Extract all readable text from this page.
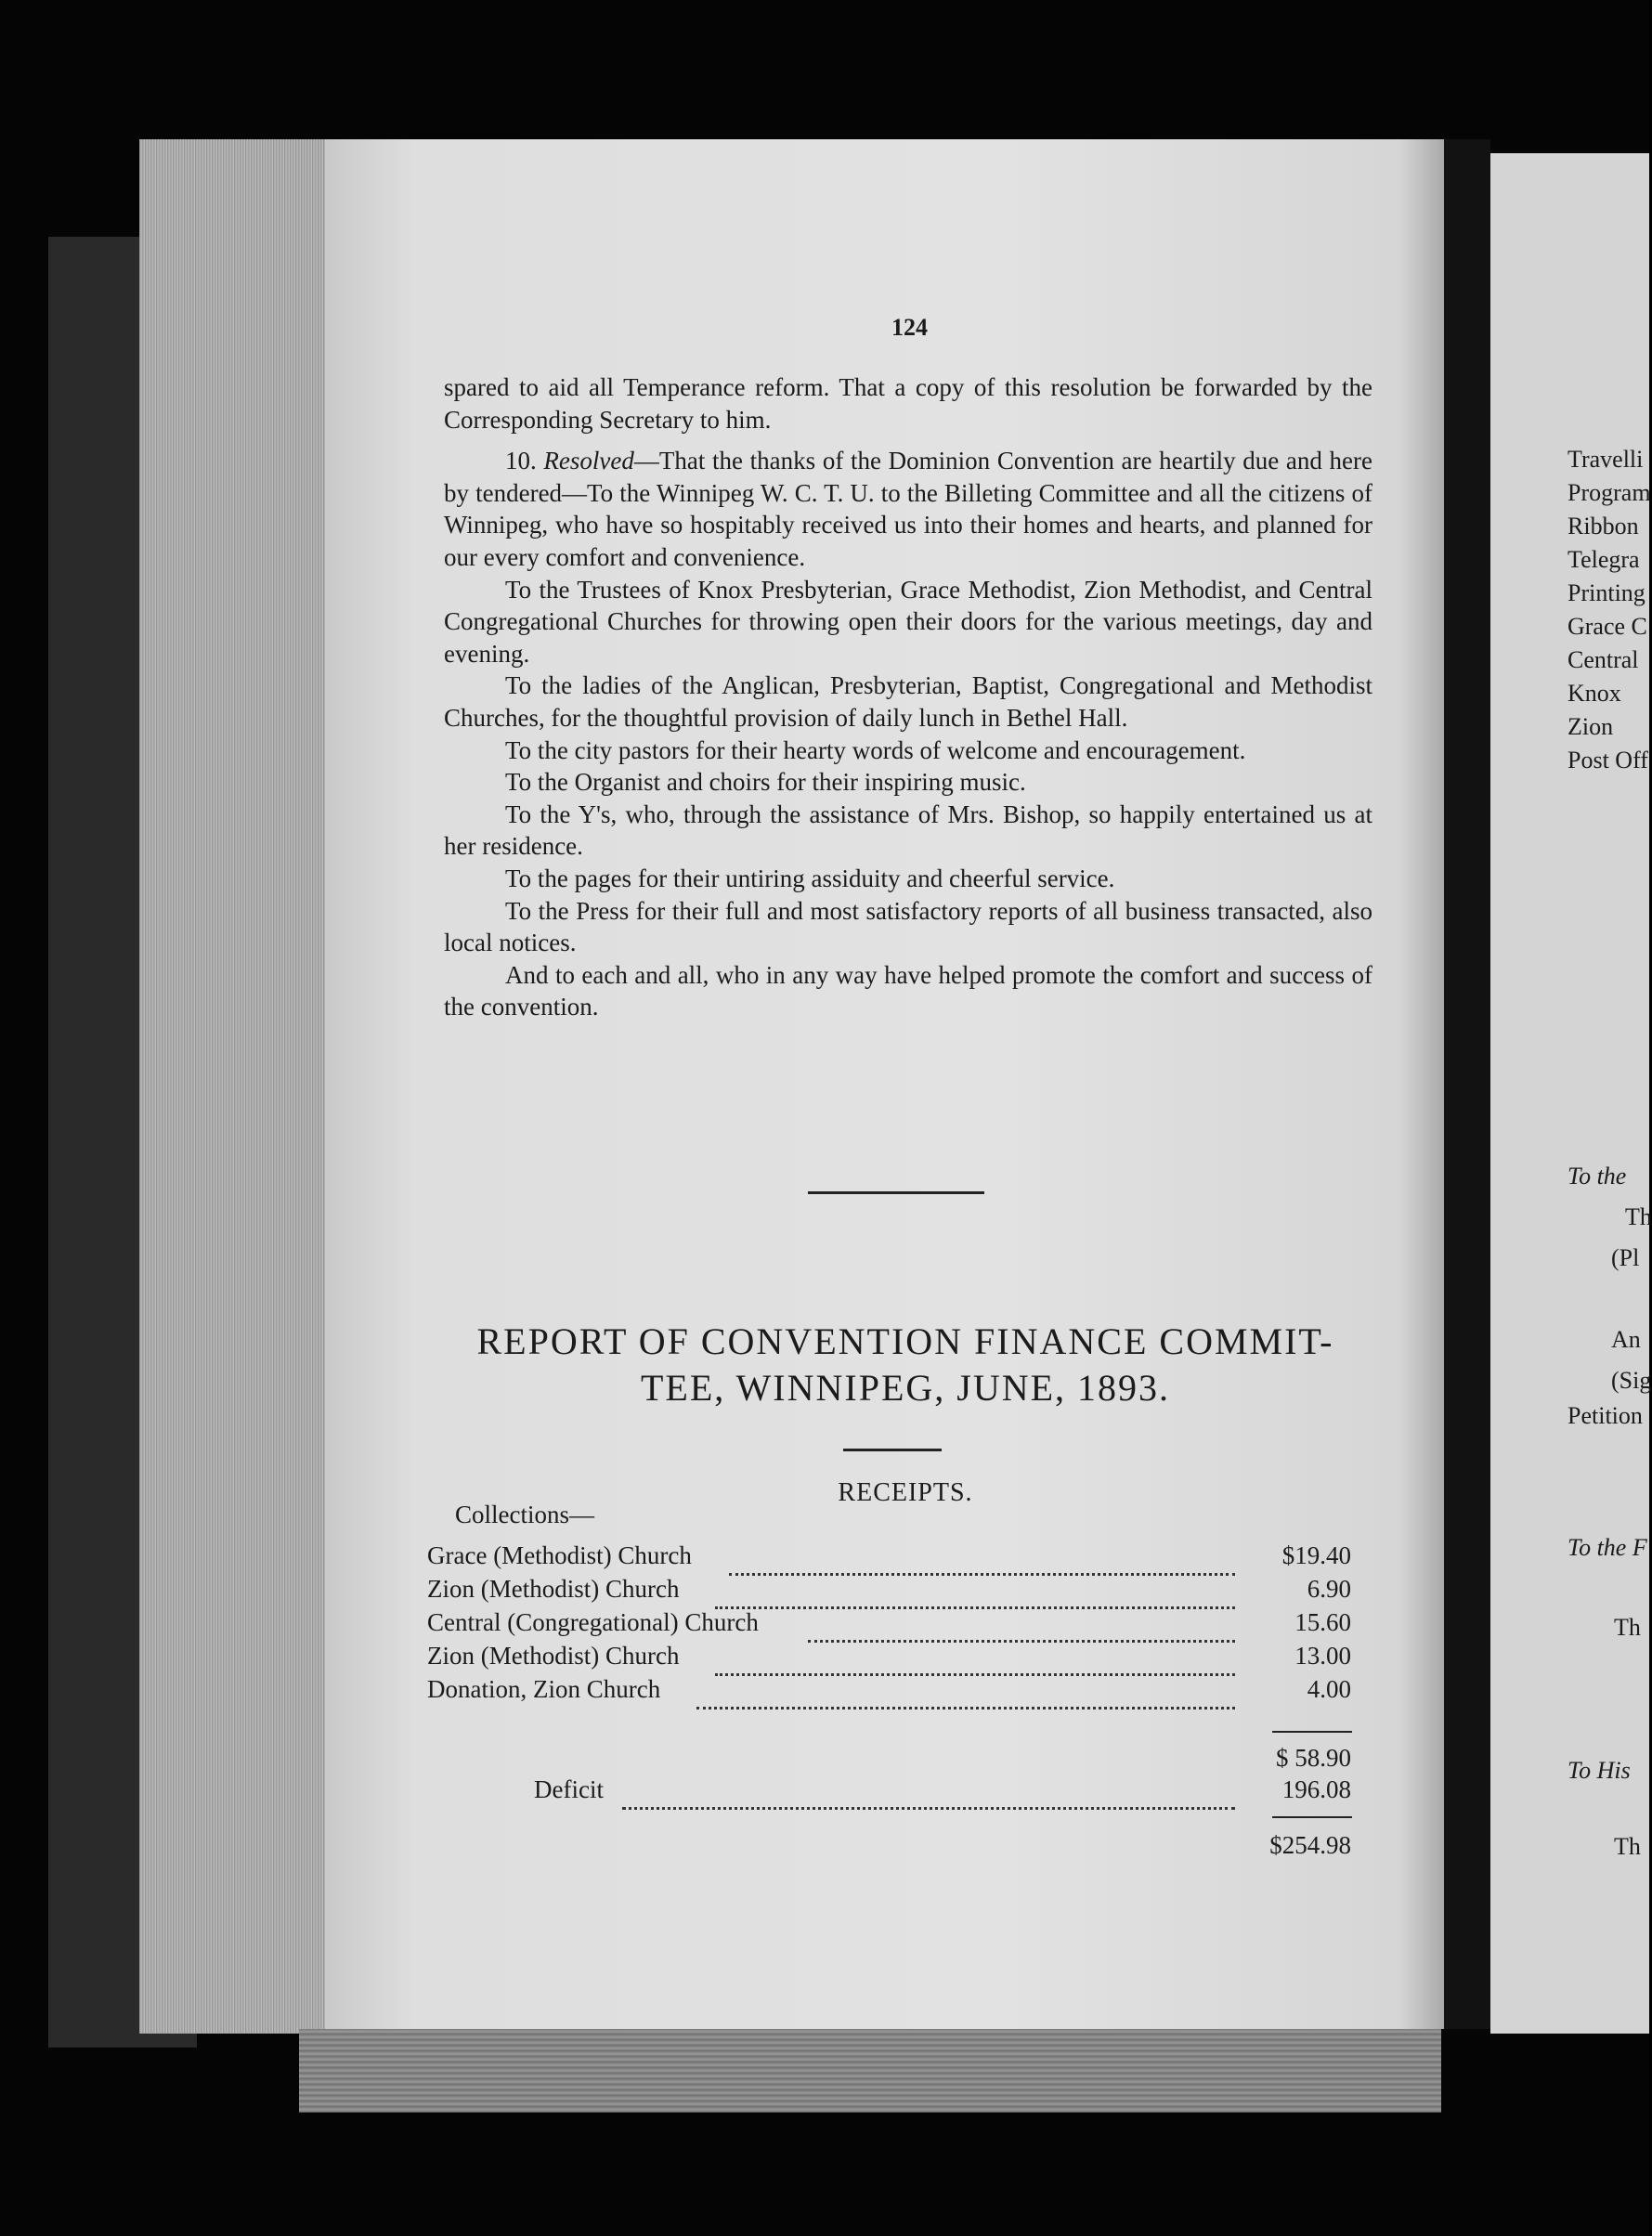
Travelli
Program
Ribbon
Telegra
Printing
Grace C
Central
Knox
Zion
Post Off
To the
Th
(Pl
An
(Sig
Petition
To the F
Th
To His
Th
124

spared to aid all Temperance reform. That a copy of this resolution be forwarded by the Corresponding Secretary to him.

10. Resolved—That the thanks of the Dominion Convention are heartily due and here by tendered—To the Winnipeg W. C. T. U. to the Billeting Committee and all the citizens of Winnipeg, who have so hospitably received us into their homes and hearts, and planned for our every comfort and convenience.

To the Trustees of Knox Presbyterian, Grace Methodist, Zion Methodist, and Central Congregational Churches for throwing open their doors for the various meetings, day and evening.

To the ladies of the Anglican, Presbyterian, Baptist, Congregational and Methodist Churches, for the thoughtful provision of daily lunch in Bethel Hall.

To the city pastors for their hearty words of welcome and encouragement.

To the Organist and choirs for their inspiring music.

To the Y's, who, through the assistance of Mrs. Bishop, so happily entertained us at her residence.

To the pages for their untiring assiduity and cheerful service.

To the Press for their full and most satisfactory reports of all business transacted, also local notices.

And to each and all, who in any way have helped promote the comfort and success of the convention.

REPORT OF CONVENTION FINANCE COMMIT-
TEE, WINNIPEG, JUNE, 1893.
RECEIPTS.
Collections—
Grace (Methodist) Church	$19.40
Zion (Methodist) Church	6.90
Central (Congregational) Church	15.60
Zion (Methodist) Church	13.00
Donation, Zion Church	4.00
$ 58.90
Deficit	196.08
$254.98
